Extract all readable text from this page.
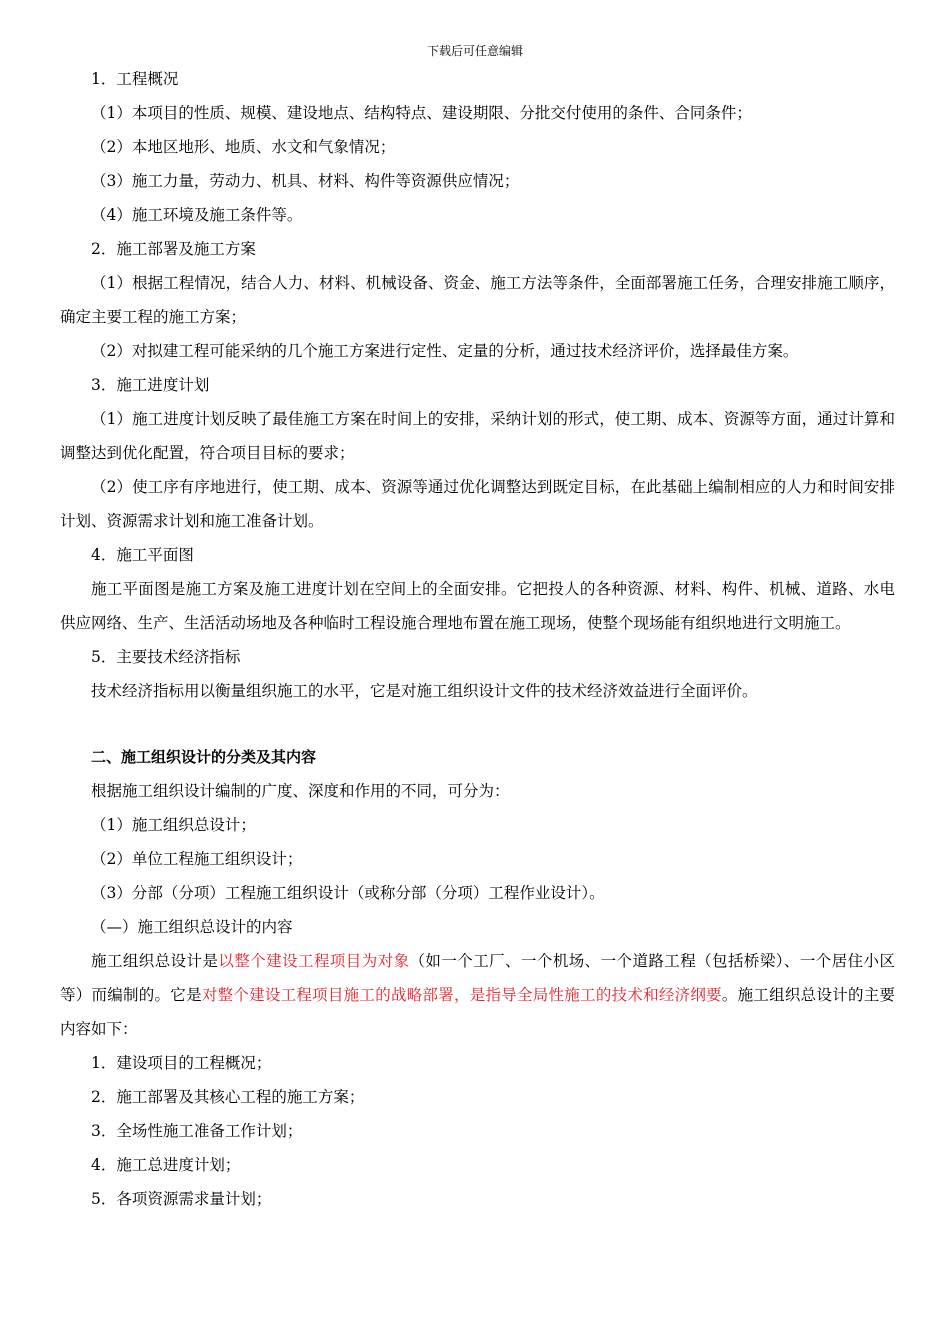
下载后可任意编辑

1．工程概况

（1）本项目的性质、规模、建设地点、结构特点、建设期限、分批交付使用的条件、合同条件；

（2）本地区地形、地质、水文和气象情况；

（3）施工力量，劳动力、机具、材料、构件等资源供应情况；

（4）施工环境及施工条件等。

2．施工部署及施工方案

（1）根据工程情况，结合人力、材料、机械设备、资金、施工方法等条件，全面部署施工任务，合理安排施工顺序，确定主要工程的施工方案；

（2）对拟建工程可能采纳的几个施工方案进行定性、定量的分析，通过技术经济评价，选择最佳方案。

3．施工进度计划

（1）施工进度计划反映了最佳施工方案在时间上的安排，采纳计划的形式，使工期、成本、资源等方面，通过计算和调整达到优化配置，符合项目目标的要求；

（2）使工序有序地进行，使工期、成本、资源等通过优化调整达到既定目标，在此基础上编制相应的人力和时间安排计划、资源需求计划和施工准备计划。

4．施工平面图

施工平面图是施工方案及施工进度计划在空间上的全面安排。它把投人的各种资源、材料、构件、机械、道路、水电供应网络、生产、生活活动场地及各种临时工程设施合理地布置在施工现场，使整个现场能有组织地进行文明施工。

5．主要技术经济指标

技术经济指标用以衡量组织施工的水平，它是对施工组织设计文件的技术经济效益进行全面评价。

二、施工组织设计的分类及其内容

根据施工组织设计编制的广度、深度和作用的不同，可分为：

（1）施工组织总设计；

（2）单位工程施工组织设计；

（3）分部（分项）工程施工组织设计（或称分部（分项）工程作业设计）。

（—）施工组织总设计的内容

施工组织总设计是以整个建设工程项目为对象（如一个工厂、一个机场、一个道路工程（包括桥梁）、一个居住小区等）而编制的。它是对整个建设工程项目施工的战略部署，是指导全局性施工的技术和经济纲要。施工组织总设计的主要内容如下：

1．建设项目的工程概况；

2．施工部署及其核心工程的施工方案；

3．全场性施工准备工作计划；

4．施工总进度计划；

5．各项资源需求量计划；
